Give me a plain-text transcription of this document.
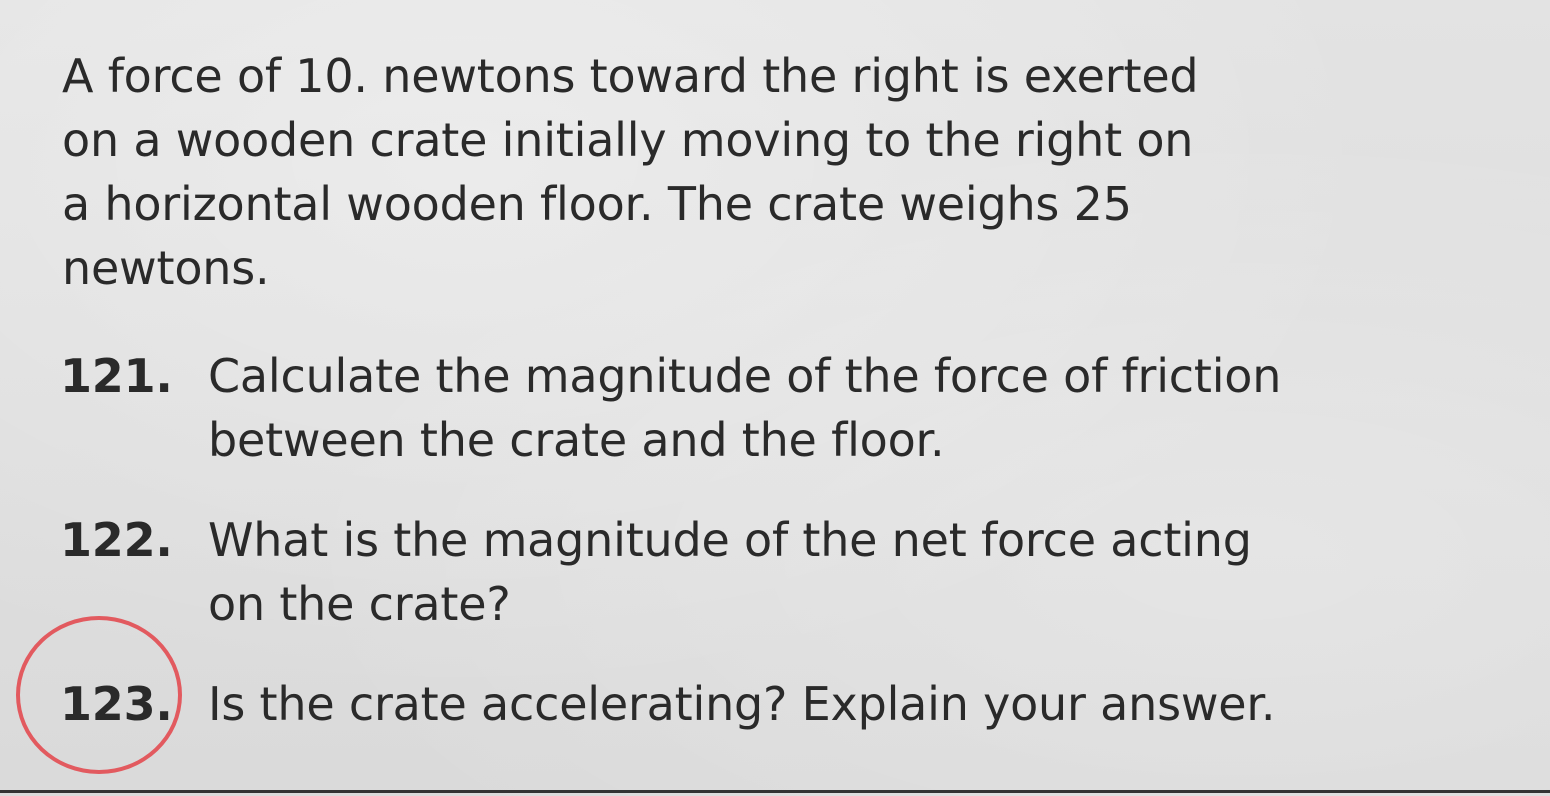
A force of 10. newtons toward the right is exerted
on a wooden crate initially moving to the right on
a horizontal wooden floor. The crate weighs 25
newtons.
121. Calculate the magnitude of the force of friction
between the crate and the floor.
122. What is the magnitude of the net force acting
on the crate?
123. Is the crate accelerating? Explain your answer.
